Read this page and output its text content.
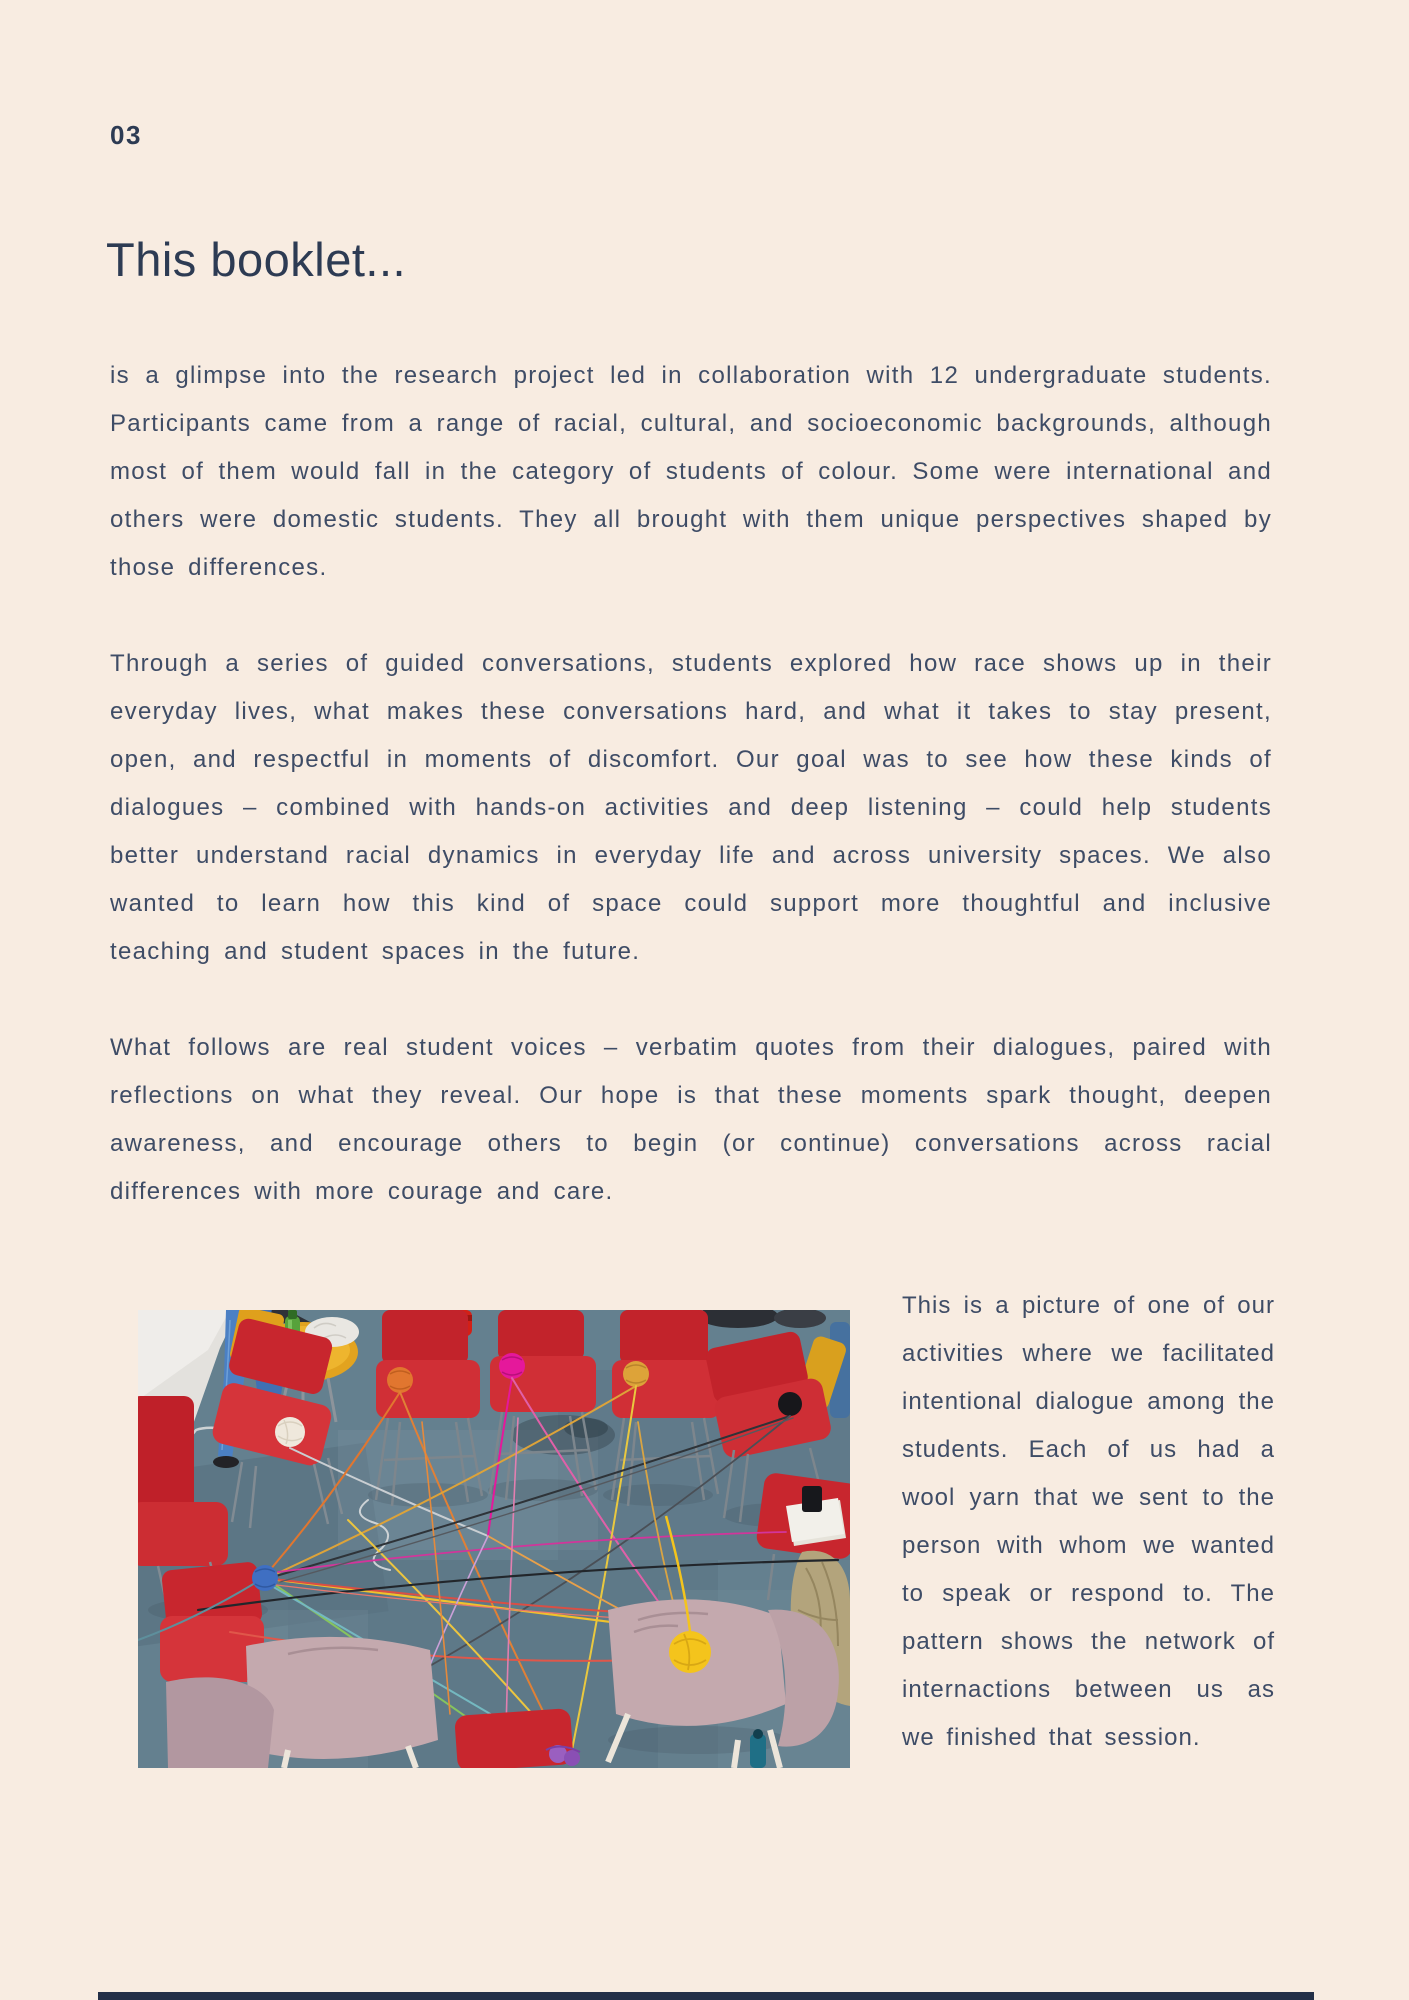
03
This booklet...

is a glimpse into the research project led in collaboration with 12 undergraduate students. Participants came from a range of racial, cultural, and socioeconomic backgrounds, although most of them would fall in the category of students of colour. Some were international and others were domestic students. They all brought with them unique perspectives shaped by those differences.

Through a series of guided conversations, students explored how race shows up in their everyday lives, what makes these conversations hard, and what it takes to stay present, open, and respectful in moments of discomfort. Our goal was to see how these kinds of dialogues – combined with hands-on activities and deep listening – could help students better understand racial dynamics in everyday life and across university spaces. We also wanted to learn how this kind of space could support more thoughtful and inclusive teaching and student spaces in the future.

What follows are real student voices – verbatim quotes from their dialogues, paired with reflections on what they reveal. Our hope is that these moments spark thought, deepen awareness, and encourage others to begin (or continue) conversations across racial differences with more courage and care.

This is a picture of one of our activities where we facilitated intentional dialogue among the students. Each of us had a wool yarn that we sent to the person with whom we wanted to speak or respond to. The pattern shows the network of internactions between us as we finished that session.
